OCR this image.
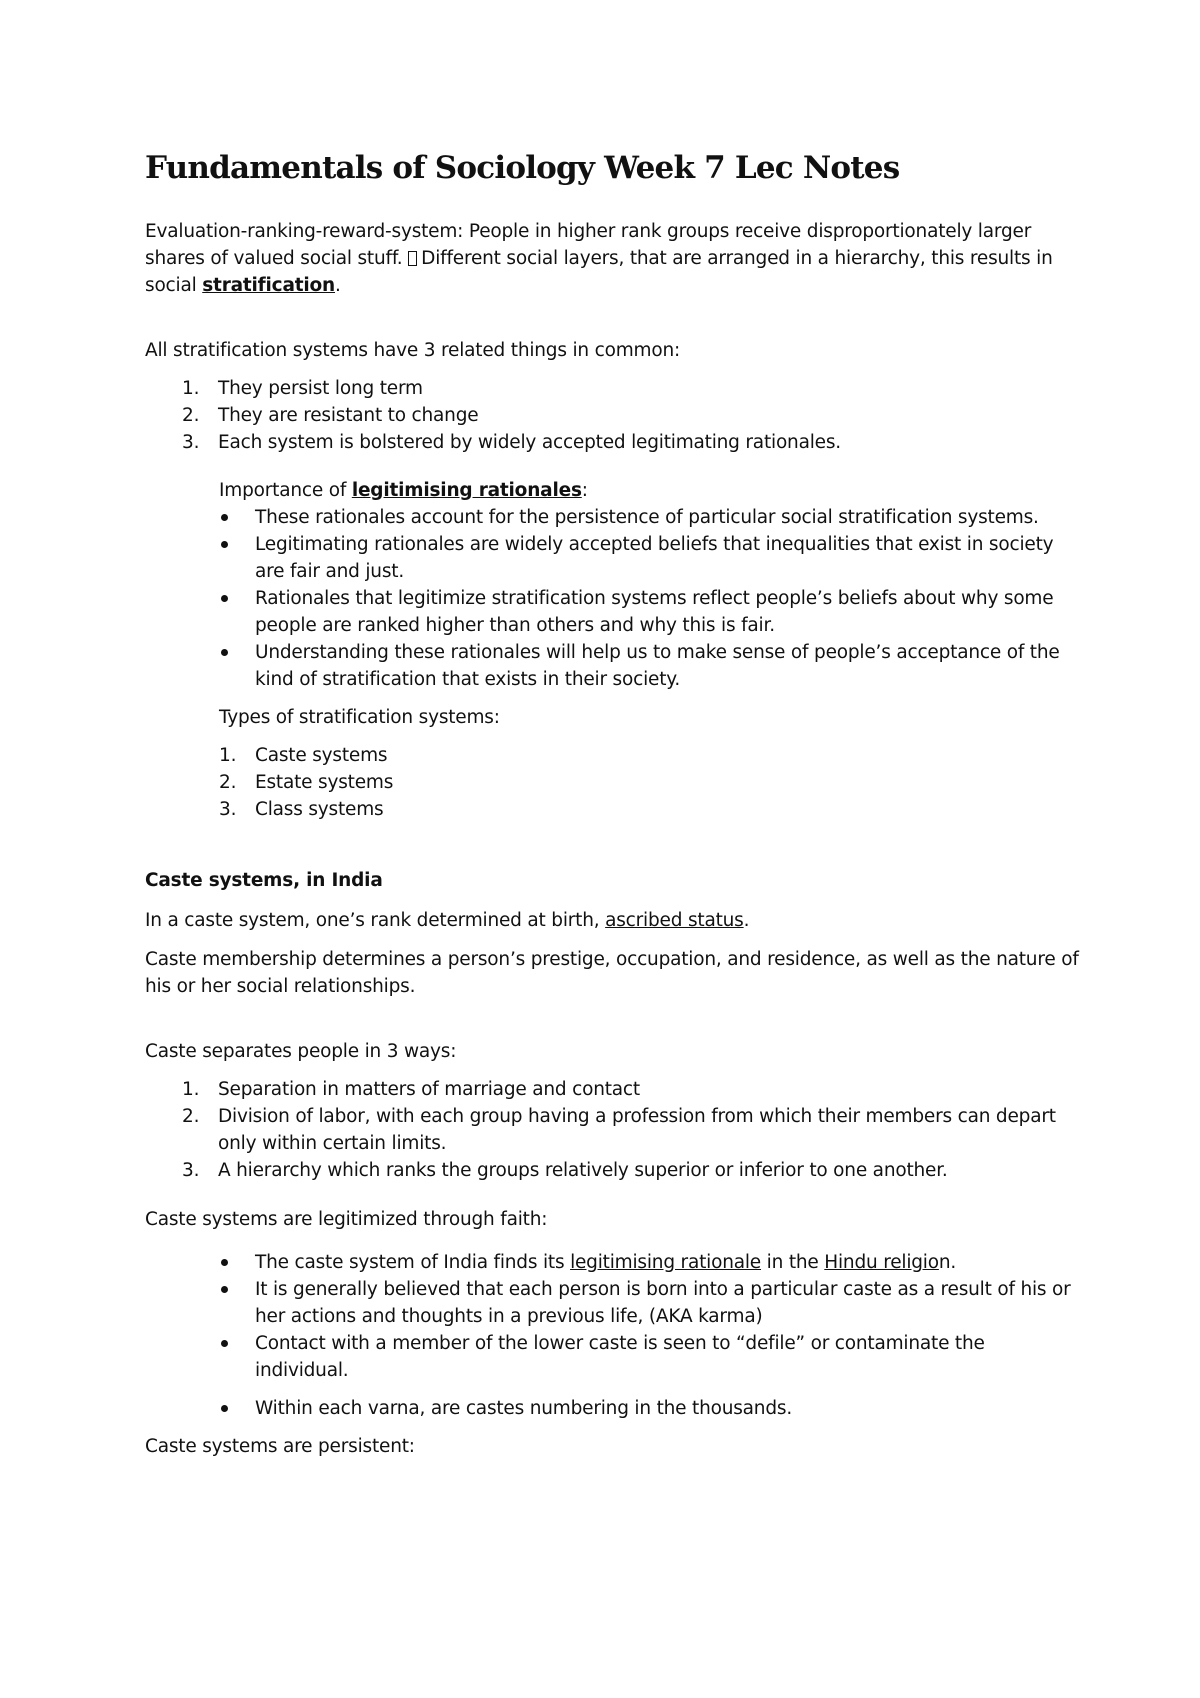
Fundamentals of Sociology Week 7 Lec Notes

Evaluation-ranking-reward-system: People in higher rank groups receive disproportionately larger shares of valued social stuff. Different social layers, that are arranged in a hierarchy, this results in social stratification.

All stratification systems have 3 related things in common:

1.	They persist long term
2.	They are resistant to change
3.	Each system is bolstered by widely accepted legitimating rationales.

Importance of legitimising rationales:

These rationales account for the persistence of particular social stratification systems.
Legitimating rationales are widely accepted beliefs that inequalities that exist in society are fair and just.
Rationales that legitimize stratification systems reflect people’s beliefs about why some people are ranked higher than others and why this is fair.
Understanding these rationales will help us to make sense of people’s acceptance of the kind of stratification that exists in their society.

Types of stratification systems:

1. Caste systems
2. Estate systems
3. Class systems

Caste systems, in India

In a caste system, one’s rank determined at birth, ascribed status.

Caste membership determines a person’s prestige, occupation, and residence, as well as the nature of his or her social relationships.

Caste separates people in 3 ways:

1.	Separation in matters of marriage and contact
2.	Division of labor, with each group having a profession from which their members can depart only within certain limits.
3.	A hierarchy which ranks the groups relatively superior or inferior to one another.

Caste systems are legitimized through faith:

The caste system of India finds its legitimising rationale in the Hindu religion.
It is generally believed that each person is born into a particular caste as a result of his or her actions and thoughts in a previous life, (AKA karma)
Contact with a member of the lower caste is seen to “defile” or contaminate the individual.
Within each varna, are castes numbering in the thousands.

Caste systems are persistent:
